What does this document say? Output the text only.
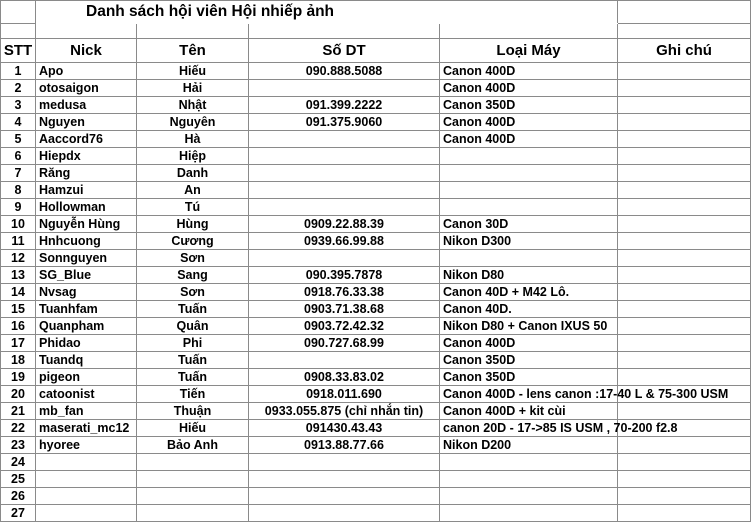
	Danh sách hội viên Hội nhiếp ảnh				

STT	Nick	Tên	Số DT	Loại Máy	Ghi chú
1	Apo	Hiếu	090.888.5088	Canon 400D	
2	otosaigon	Hải		Canon 400D	
3	medusa	Nhật	091.399.2222	Canon 350D	
4	Nguyen	Nguyên	091.375.9060	Canon 400D	
5	Aaccord76	Hà		Canon 400D	
6	Hiepdx	Hiệp			
7	Răng	Danh			
8	Hamzui	An			
9	Hollowman	Tú			
10	Nguyễn Hùng	Hùng	0909.22.88.39	Canon 30D	
11	Hnhcuong	Cương	0939.66.99.88	Nikon D300	
12	Sonnguyen	Sơn			
13	SG_Blue	Sang	090.395.7878	Nikon D80	
14	Nvsag	Sơn	0918.76.33.38	Canon 40D + M42 Lô.	
15	Tuanhfam	Tuấn	0903.71.38.68	Canon 40D.	
16	Quanpham	Quân	0903.72.42.32	Nikon D80 + Canon IXUS 50	
17	Phidao	Phi	090.727.68.99	Canon 400D	
18	Tuandq	Tuấn		Canon 350D	
19	pigeon	Tuấn	0908.33.83.02	Canon 350D	
20	catoonist	Tiến	0918.011.690	Canon 400D - lens canon :17-40 L & 75-300 USM	
21	mb_fan	Thuận	0933.055.875 (chỉ nhắn tin)	Canon 400D + kit cùi	
22	maserati_mc12	Hiếu	091430.43.43	canon 20D - 17->85 IS USM , 70-200 f2.8	
23	hyoree	Bảo Anh	0913.88.77.66	Nikon D200	
24					
25					
26					
27					
